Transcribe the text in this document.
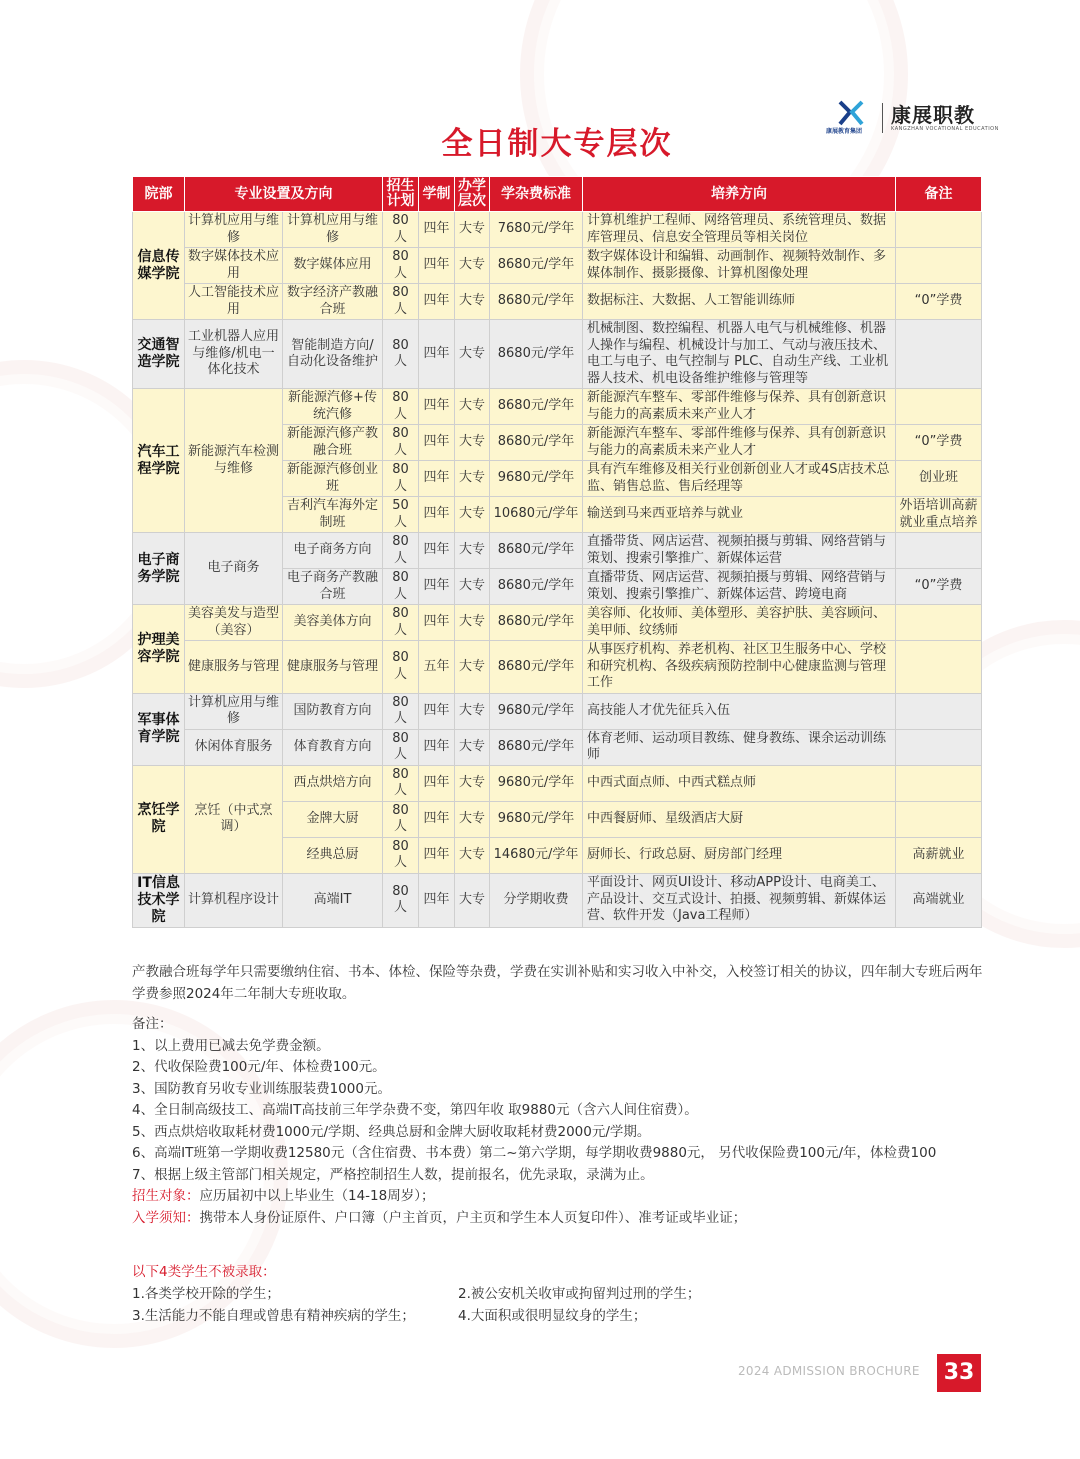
康展教育集团
康展职教
KANGZHAN VOCATIONAL EDUCATION
全日制大专层次
院部	专业设置及方向		招生计划	学制	办学层次	学杂费标准	培养方向	备注
信息传媒学院	计算机应用与维修	计算机应用与维修	80人	四年	大专	7680元/学年	计算机维护工程师、网络管理员、系统管理员、数据库管理员、信息安全管理员等相关岗位	
	数字媒体技术应用	数字媒体应用	80人	四年	大专	8680元/学年	数字媒体设计和编辑、动画制作、视频特效制作、多媒体制作、摄影摄像、计算机图像处理	
	人工智能技术应用	数字经济产教融合班	80人	四年	大专	8680元/学年	数据标注、大数据、人工智能训练师	“0”学费
交通智造学院	工业机器人应用与维修/机电一体化技术	智能制造方向/自动化设备维护	80人	四年	大专	8680元/学年	机械制图、数控编程、机器人电气与机械维修、机器人操作与编程、机械设计与加工、气动与液压技术、电工与电子、电气控制与 PLC、自动生产线、工业机器人技术、机电设备维护维修与管理等	
汽车工程学院	新能源汽车检测与维修	新能源汽修+传统汽修	80人	四年	大专	8680元/学年	新能源汽车整车、零部件维修与保养、具有创新意识与能力的高素质未来产业人才	
		新能源汽修产教融合班	80人	四年	大专	8680元/学年	新能源汽车整车、零部件维修与保养、具有创新意识与能力的高素质未来产业人才	“0”学费
		新能源汽修创业班	80人	四年	大专	9680元/学年	具有汽车维修及相关行业创新创业人才或4S店技术总监、销售总监、售后经理等	创业班
		吉利汽车海外定制班	50人	四年	大专	10680元/学年	输送到马来西亚培养与就业	外语培训高薪就业重点培养
电子商务学院	电子商务	电子商务方向	80人	四年	大专	8680元/学年	直播带货、网店运营、视频拍摄与剪辑、网络营销与策划、搜索引擎推广、新媒体运营	
		电子商务产教融合班	80人	四年	大专	8680元/学年	直播带货、网店运营、视频拍摄与剪辑、网络营销与策划、搜索引擎推广、新媒体运营、跨境电商	“0”学费
护理美容学院	美容美发与造型（美容）	美容美体方向	80人	四年	大专	8680元/学年	美容师、化妆师、美体塑形、美容护肤、美容顾问、美甲师、纹绣师	
	健康服务与管理	健康服务与管理	80人	五年	大专	8680元/学年	从事医疗机构、养老机构、社区卫生服务中心、学校和研究机构、各级疾病预防控制中心健康监测与管理工作	
军事体育学院	计算机应用与维修	国防教育方向	80人	四年	大专	9680元/学年	高技能人才优先征兵入伍	
	休闲体育服务	体育教育方向	80人	四年	大专	8680元/学年	体育老师、运动项目教练、健身教练、课余运动训练师	
烹饪学院	烹饪（中式烹调）	西点烘焙方向	80人	四年	大专	9680元/学年	中西式面点师、中西式糕点师	
		金牌大厨	80人	四年	大专	9680元/学年	中西餐厨师、星级酒店大厨	
		经典总厨	80人	四年	大专	14680元/学年	厨师长、行政总厨、厨房部门经理	高薪就业
IT信息技术学院	计算机程序设计	高端IT	80人	四年	大专	分学期收费	平面设计、网页UI设计、移动APP设计、电商美工、产品设计、交互式设计、拍摄、视频剪辑、新媒体运营、软件开发（Java工程师）	高端就业
产教融合班每学年只需要缴纳住宿、书本、体检、保险等杂费，学费在实训补贴和实习收入中补交，入校签订相关的协议，四年制大专班后两年学费参照2024年二年制大专班收取。
备注：
1、以上费用已减去免学费金额。
2、代收保险费100元/年、体检费100元。
3、国防教育另收专业训练服装费1000元。
4、全日制高级技工、高端IT高技前三年学杂费不变，第四年收 取9880元（含六人间住宿费）。
5、西点烘焙收取耗材费1000元/学期、经典总厨和金牌大厨收取耗材费2000元/学期。
6、高端IT班第一学期收费12580元（含住宿费、书本费）第二~第六学期，每学期收费9880元， 另代收保险费100元/年，体检费100
7、根据上级主管部门相关规定，严格控制招生人数，提前报名，优先录取，录满为止。
招生对象：应历届初中以上毕业生（14-18周岁）；
入学须知：携带本人身份证原件、户口簿（户主首页，户主页和学生本人页复印件）、准考证或毕业证；
以下4类学生不被录取：
1.各类学校开除的学生；	2.被公安机关收审或拘留判过刑的学生；
3.生活能力不能自理或曾患有精神疾病的学生；	4.大面积或很明显纹身的学生；
2024 ADMISSION BROCHURE	33
